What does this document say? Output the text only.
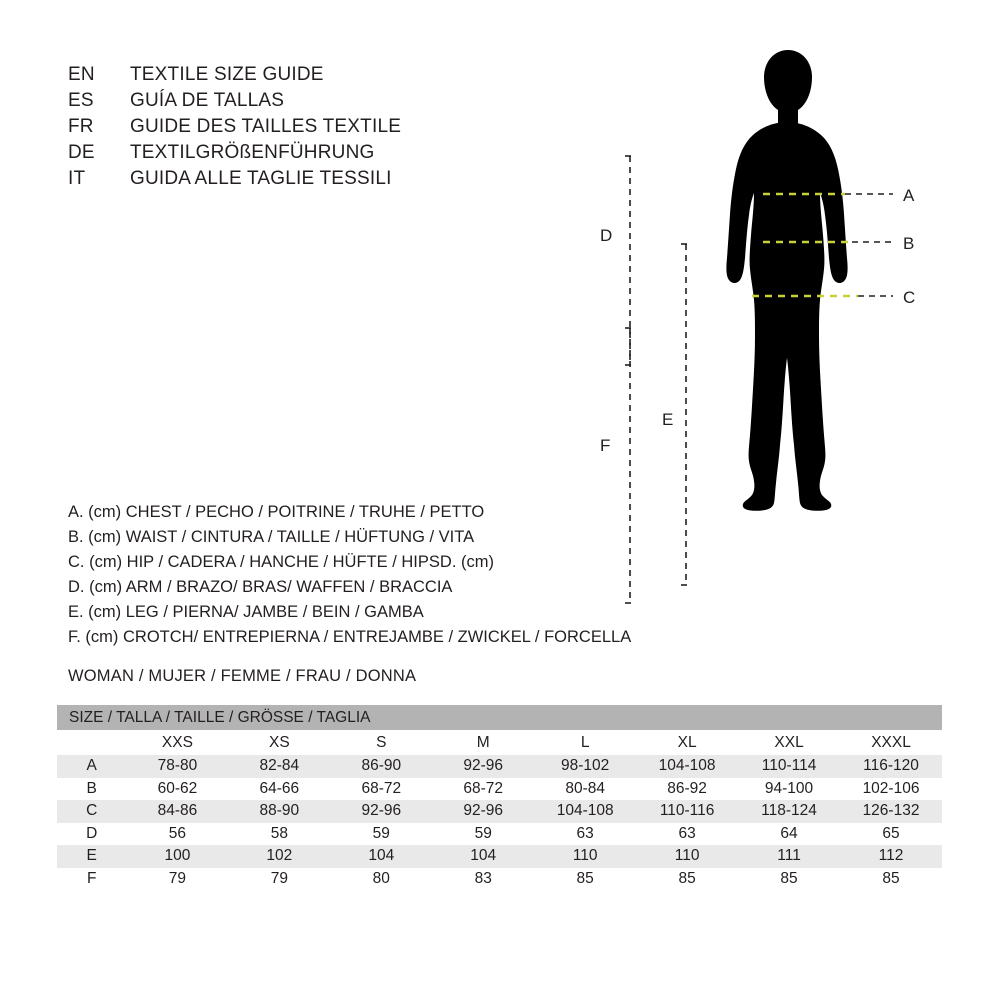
EN	TEXTILE SIZE GUIDE
ES	GUÍA DE TALLAS
FR	GUIDE DES TAILLES TEXTILE
DE	TEXTILGRÖßENFÜHRUNG
IT	GUIDA ALLE TAGLIE TESSILI
A. (cm) CHEST / PECHO / POITRINE / TRUHE / PETTO
B. (cm) WAIST / CINTURA / TAILLE / HÜFTUNG / VITA
C. (cm) HIP / CADERA / HANCHE / HÜFTE / HIPSD. (cm)
D. (cm) ARM / BRAZO/ BRAS/ WAFFEN / BRACCIA
E. (cm) LEG / PIERNA/ JAMBE / BEIN / GAMBA
F. (cm) CROTCH/ ENTREPIERNA / ENTREJAMBE / ZWICKEL / FORCELLA
WOMAN / MUJER / FEMME / FRAU / DONNA
A
B
C
D
E
F
SIZE / TALLA / TAILLE / GRÖSSE / TAGLIA								
	XXS	XS	S	M	L	XL	XXL	XXXL
A	78-80	82-84	86-90	92-96	98-102	104-108	110-114	116-120
B	60-62	64-66	68-72	68-72	80-84	86-92	94-100	102-106
C	84-86	88-90	92-96	92-96	104-108	110-116	118-124	126-132
D	56	58	59	59	63	63	64	65
E	100	102	104	104	110	110	111	112
F	79	79	80	83	85	85	85	85
